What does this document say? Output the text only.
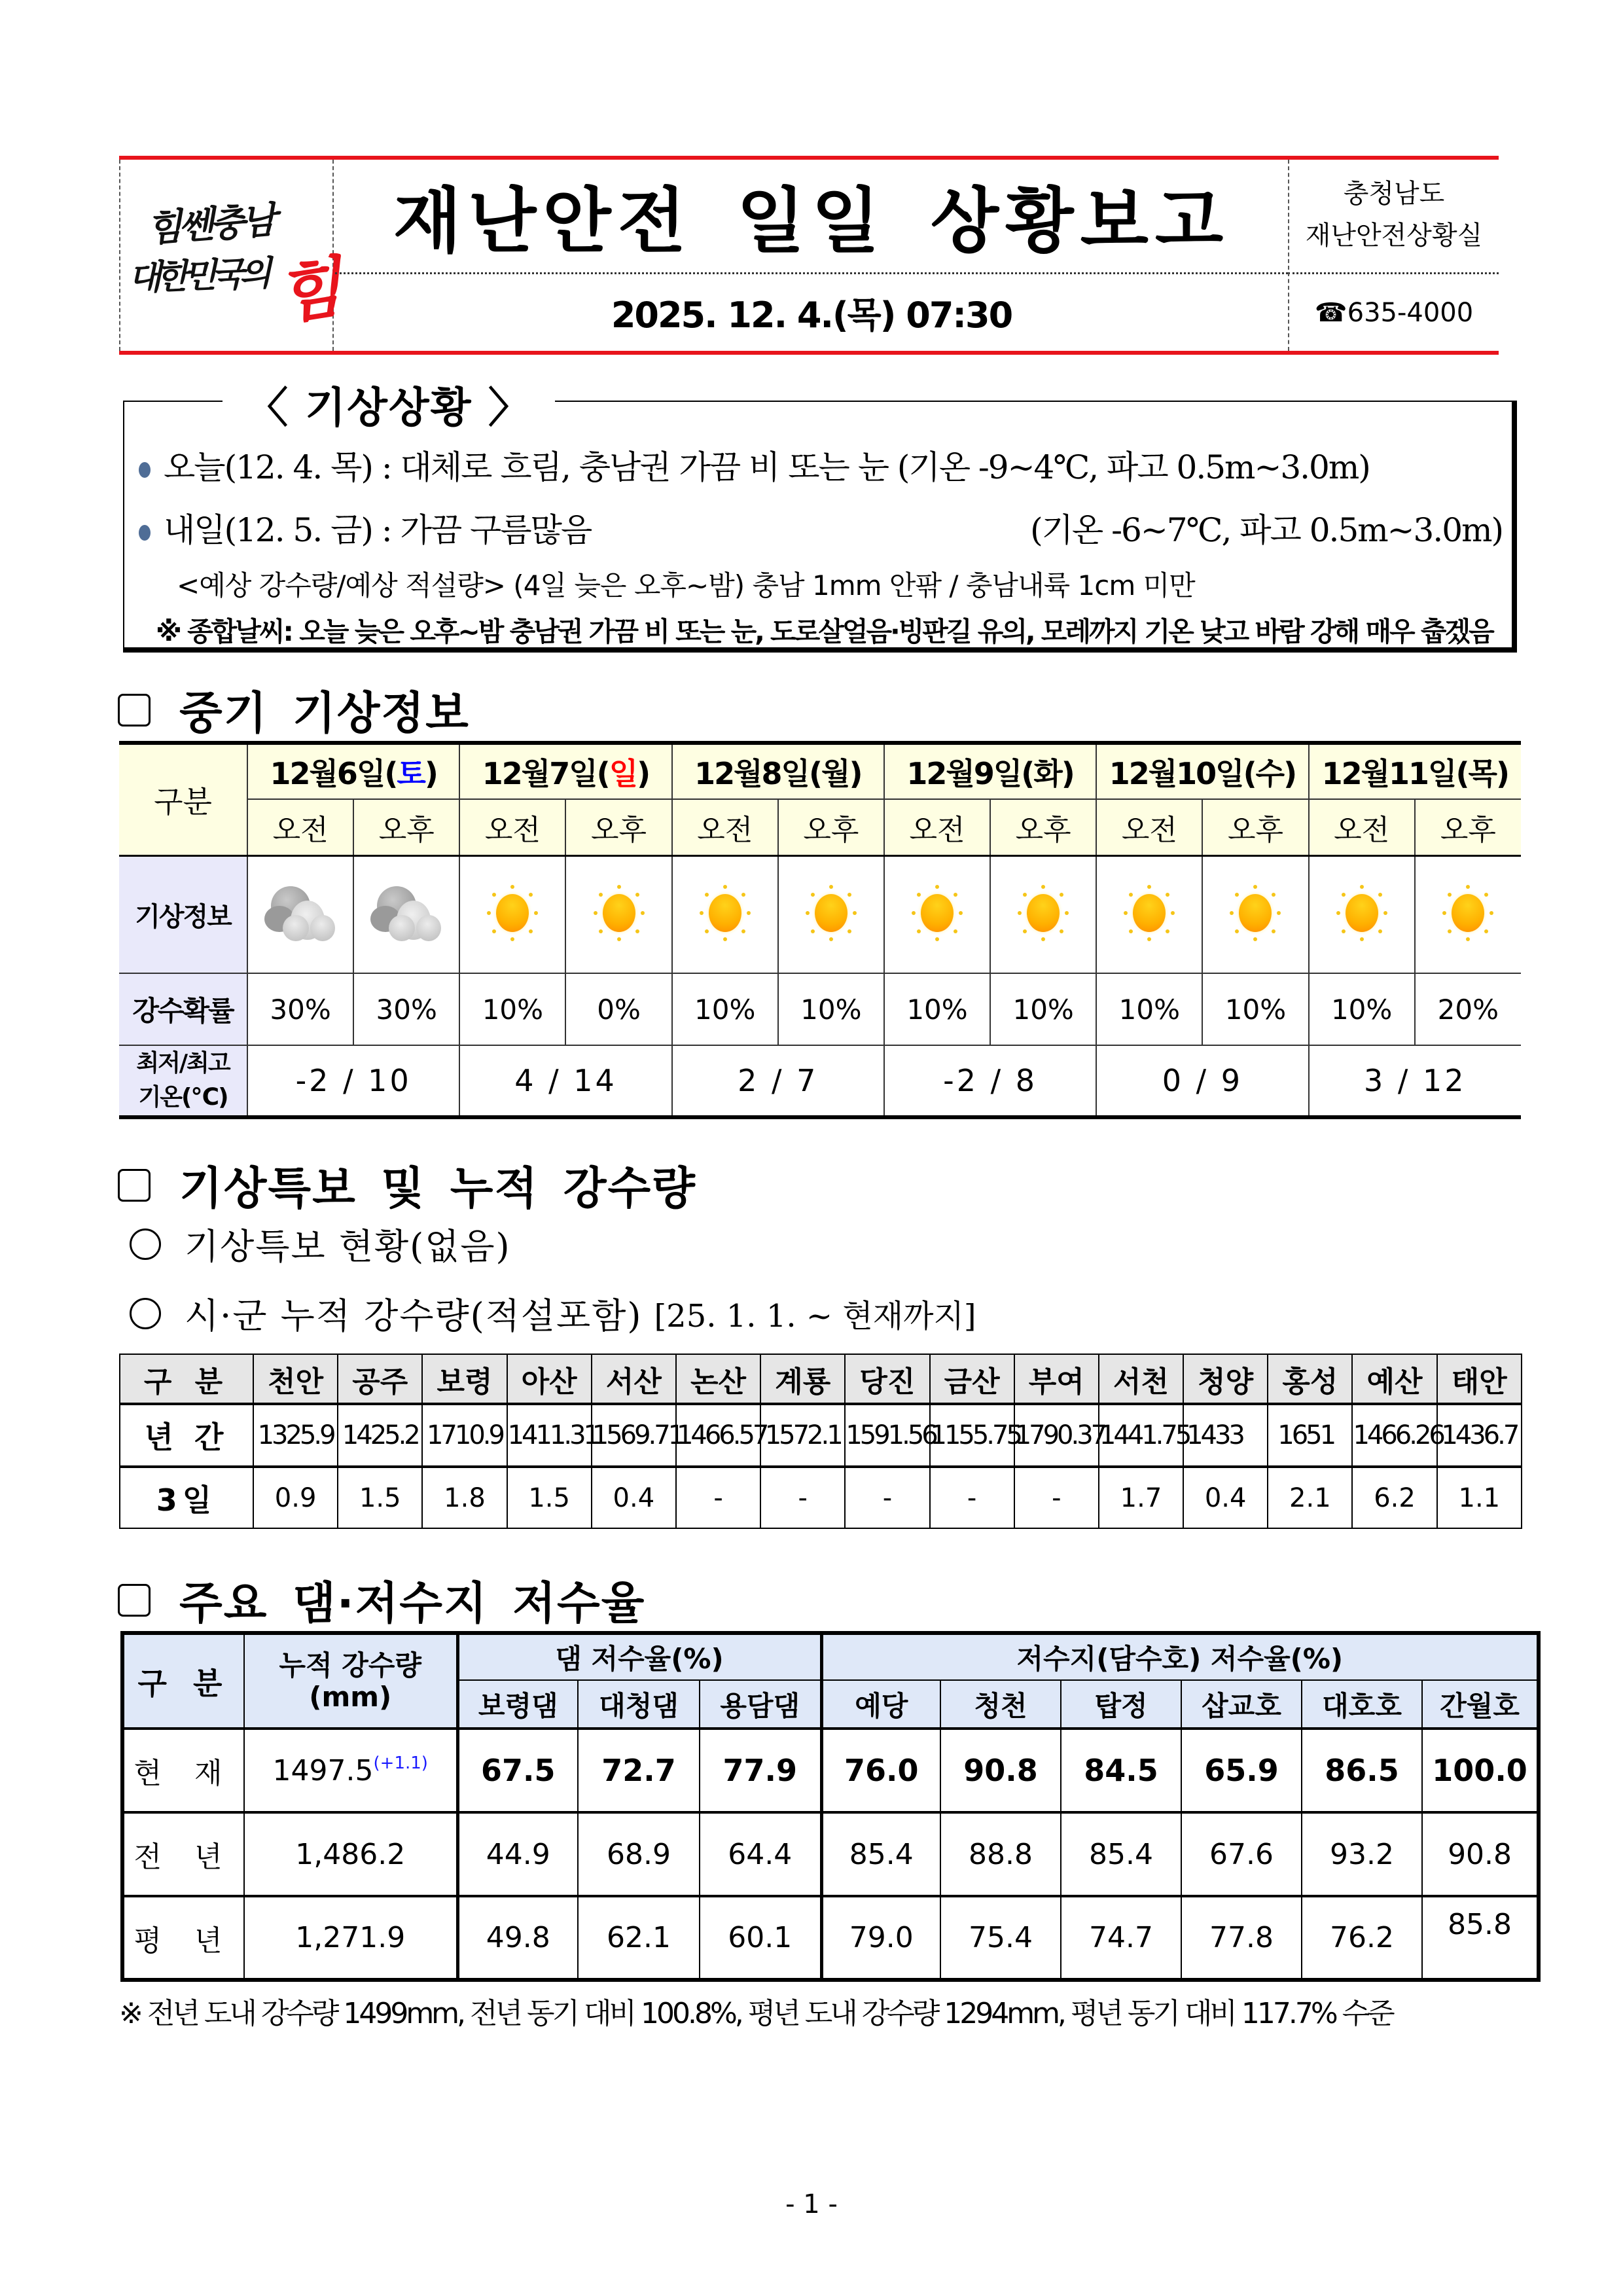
힘쎈충남
대한민국의 힘
재난안전 일일 상황보고
2025. 12. 4.(목) 07:30
충청남도
재난안전상황실
☎ 635-4000
오늘(12. 4. 목) : 대체로 흐림, 충남권 가끔 비 또는 눈 (기온 -9~4℃, 파고 0.5m~3.0m)
내일(12. 5. 금) : 가끔 구름많음	(기온 -6~7℃, 파고 0.5m~3.0m)
<예상 강수량/예상 적설량> (4일 늦은 오후~밤) 충남 1mm 안팎 / 충남내륙 1cm 미만
※ 종합날씨: 오늘 늦은 오후~밤 충남권 가끔 비 또는 눈, 도로살얼음·빙판길 유의, 모레까지 기온 낮고 바람 강해 매우 춥겠음
〈 기상상황 〉
중기 기상정보
구분	12월6일(토)		12월7일(일)		12월8일(월)		12월9일(화)		12월10일(수)		12월11일(목)	
	오전	오후	오전	오후	오전	오후	오전	오후	오전	오후	오전	오후
기상정보	

강수확률	30%	30%	10%	0%	10%	10%	10%	10%	10%	10%	10%	20%
최저/최고
기온(℃)	-2 / 10		4 / 14		2 / 7		-2 / 8		0 / 9		3 / 12	
기상특보 및 누적 강수량
기상특보 현황(없음)
시·군 누적 강수량(적설포함) [25. 1. 1. ~ 현재까지]
구 분	천안	공주	보령	아산	서산	논산	계룡	당진	금산	부여	서천	청양	홍성	예산	태안
년 간	1325.9	1425.2	1710.9	1411.31	1569.71	1466.57	1572.1	1591.56	1155.75	1790.37	1441.75	1433	1651	1466.26	1436.7
3일	0.9	1.5	1.8	1.5	0.4	-	-	-	-	-	1.7	0.4	2.1	6.2	1.1
주요 댐·저수지 저수율
구 분	누적 강수량
(mm)	댐 저수율(%)			저수지(담수호) 저수율(%)					
		보령댐	대청댐	용담댐	예당	청천	탑정	삽교호	대호호	간월호
현 재	$1497.5^{(+1.1)}$	67.5	72.7	77.9	76.0	90.8	84.5	65.9	86.5	100.0
전 년	1,486.2	44.9	68.9	64.4	85.4	88.8	85.4	67.6	93.2	90.8
평 년	1,271.9	49.8	62.1	60.1	79.0	75.4	74.7	77.8	76.2	85.8
※ 전년 도내 강수량 1499mm, 전년 동기 대비 100.8%, 평년 도내 강수량 1294mm, 평년 동기 대비 117.7% 수준
- 1 -
